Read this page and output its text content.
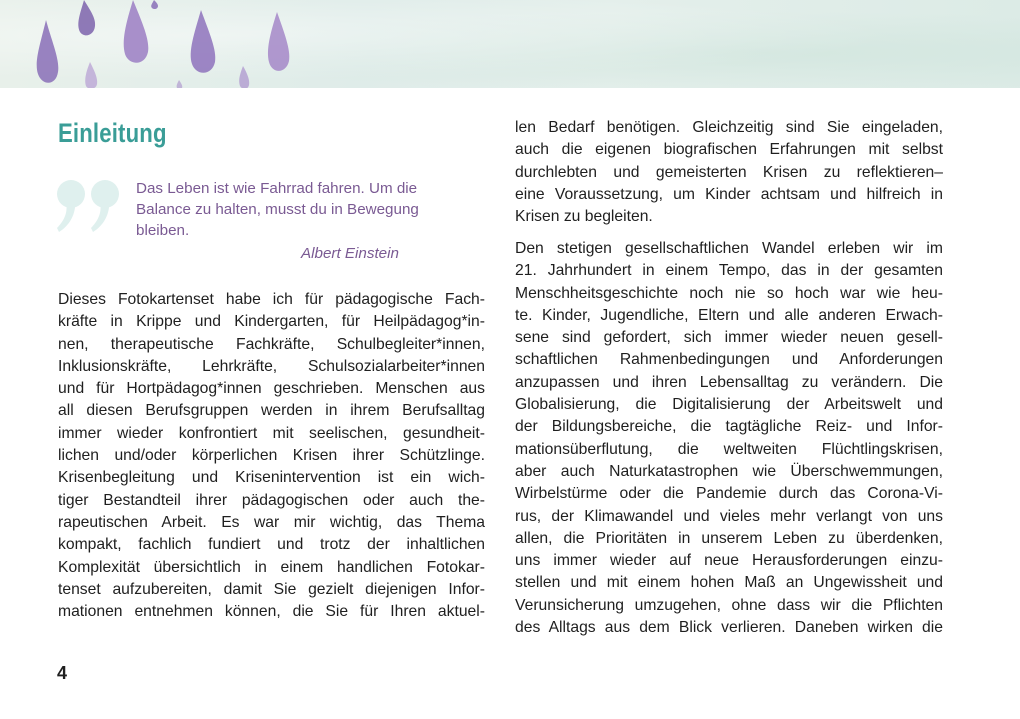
Einleitung
Das Leben ist wie Fahrrad fahren. Um die
Balance zu halten, musst du in Bewegung
bleiben.
Albert Einstein
Dieses Fotokartenset habe ich für pädagogische Fach-
kräfte in Krippe und Kindergarten, für Heilpädagog*in-
nen, therapeutische Fachkräfte, Schulbegleiter*innen,
Inklusionskräfte, Lehrkräfte, Schulsozialarbeiter*innen
und für Hortpädagog*innen geschrieben. Menschen aus
all diesen Berufsgruppen werden in ihrem Berufsalltag
immer wieder konfrontiert mit seelischen, gesundheit-
lichen und/oder körperlichen Krisen ihrer Schützlinge.
Krisenbegleitung und Krisenintervention ist ein wich-
tiger Bestandteil ihrer pädagogischen oder auch the-
rapeutischen Arbeit. Es war mir wichtig, das Thema
kompakt, fachlich fundiert und trotz der inhaltlichen
Komplexität übersichtlich in einem handlichen Fotokar-
tenset aufzubereiten, damit Sie gezielt diejenigen Infor-
mationen entnehmen können, die Sie für Ihren aktuel-
len Bedarf benötigen. Gleichzeitig sind Sie eingeladen,
auch die eigenen biografischen Erfahrungen mit selbst
durchlebten und gemeisterten Krisen zu reflektieren–
eine Voraussetzung, um Kinder achtsam und hilfreich in
Krisen zu begleiten.
Den stetigen gesellschaftlichen Wandel erleben wir im
21. Jahrhundert in einem Tempo, das in der gesamten
Menschheitsgeschichte noch nie so hoch war wie heu-
te. Kinder, Jugendliche, Eltern und alle anderen Erwach-
sene sind gefordert, sich immer wieder neuen gesell-
schaftlichen Rahmenbedingungen und Anforderungen
anzupassen und ihren Lebensalltag zu verändern. Die
Globalisierung, die Digitalisierung der Arbeitswelt und
der Bildungsbereiche, die tagtägliche Reiz- und Infor-
mationsüberflutung, die weltweiten Flüchtlingskrisen,
aber auch Naturkatastrophen wie Überschwemmungen,
Wirbelstürme oder die Pandemie durch das Corona-Vi-
rus, der Klimawandel und vieles mehr verlangt von uns
allen, die Prioritäten in unserem Leben zu überdenken,
uns immer wieder auf neue Herausforderungen einzu-
stellen und mit einem hohen Maß an Ungewissheit und
Verunsicherung umzugehen, ohne dass wir die Pflichten
des Alltags aus dem Blick verlieren. Daneben wirken die
4
